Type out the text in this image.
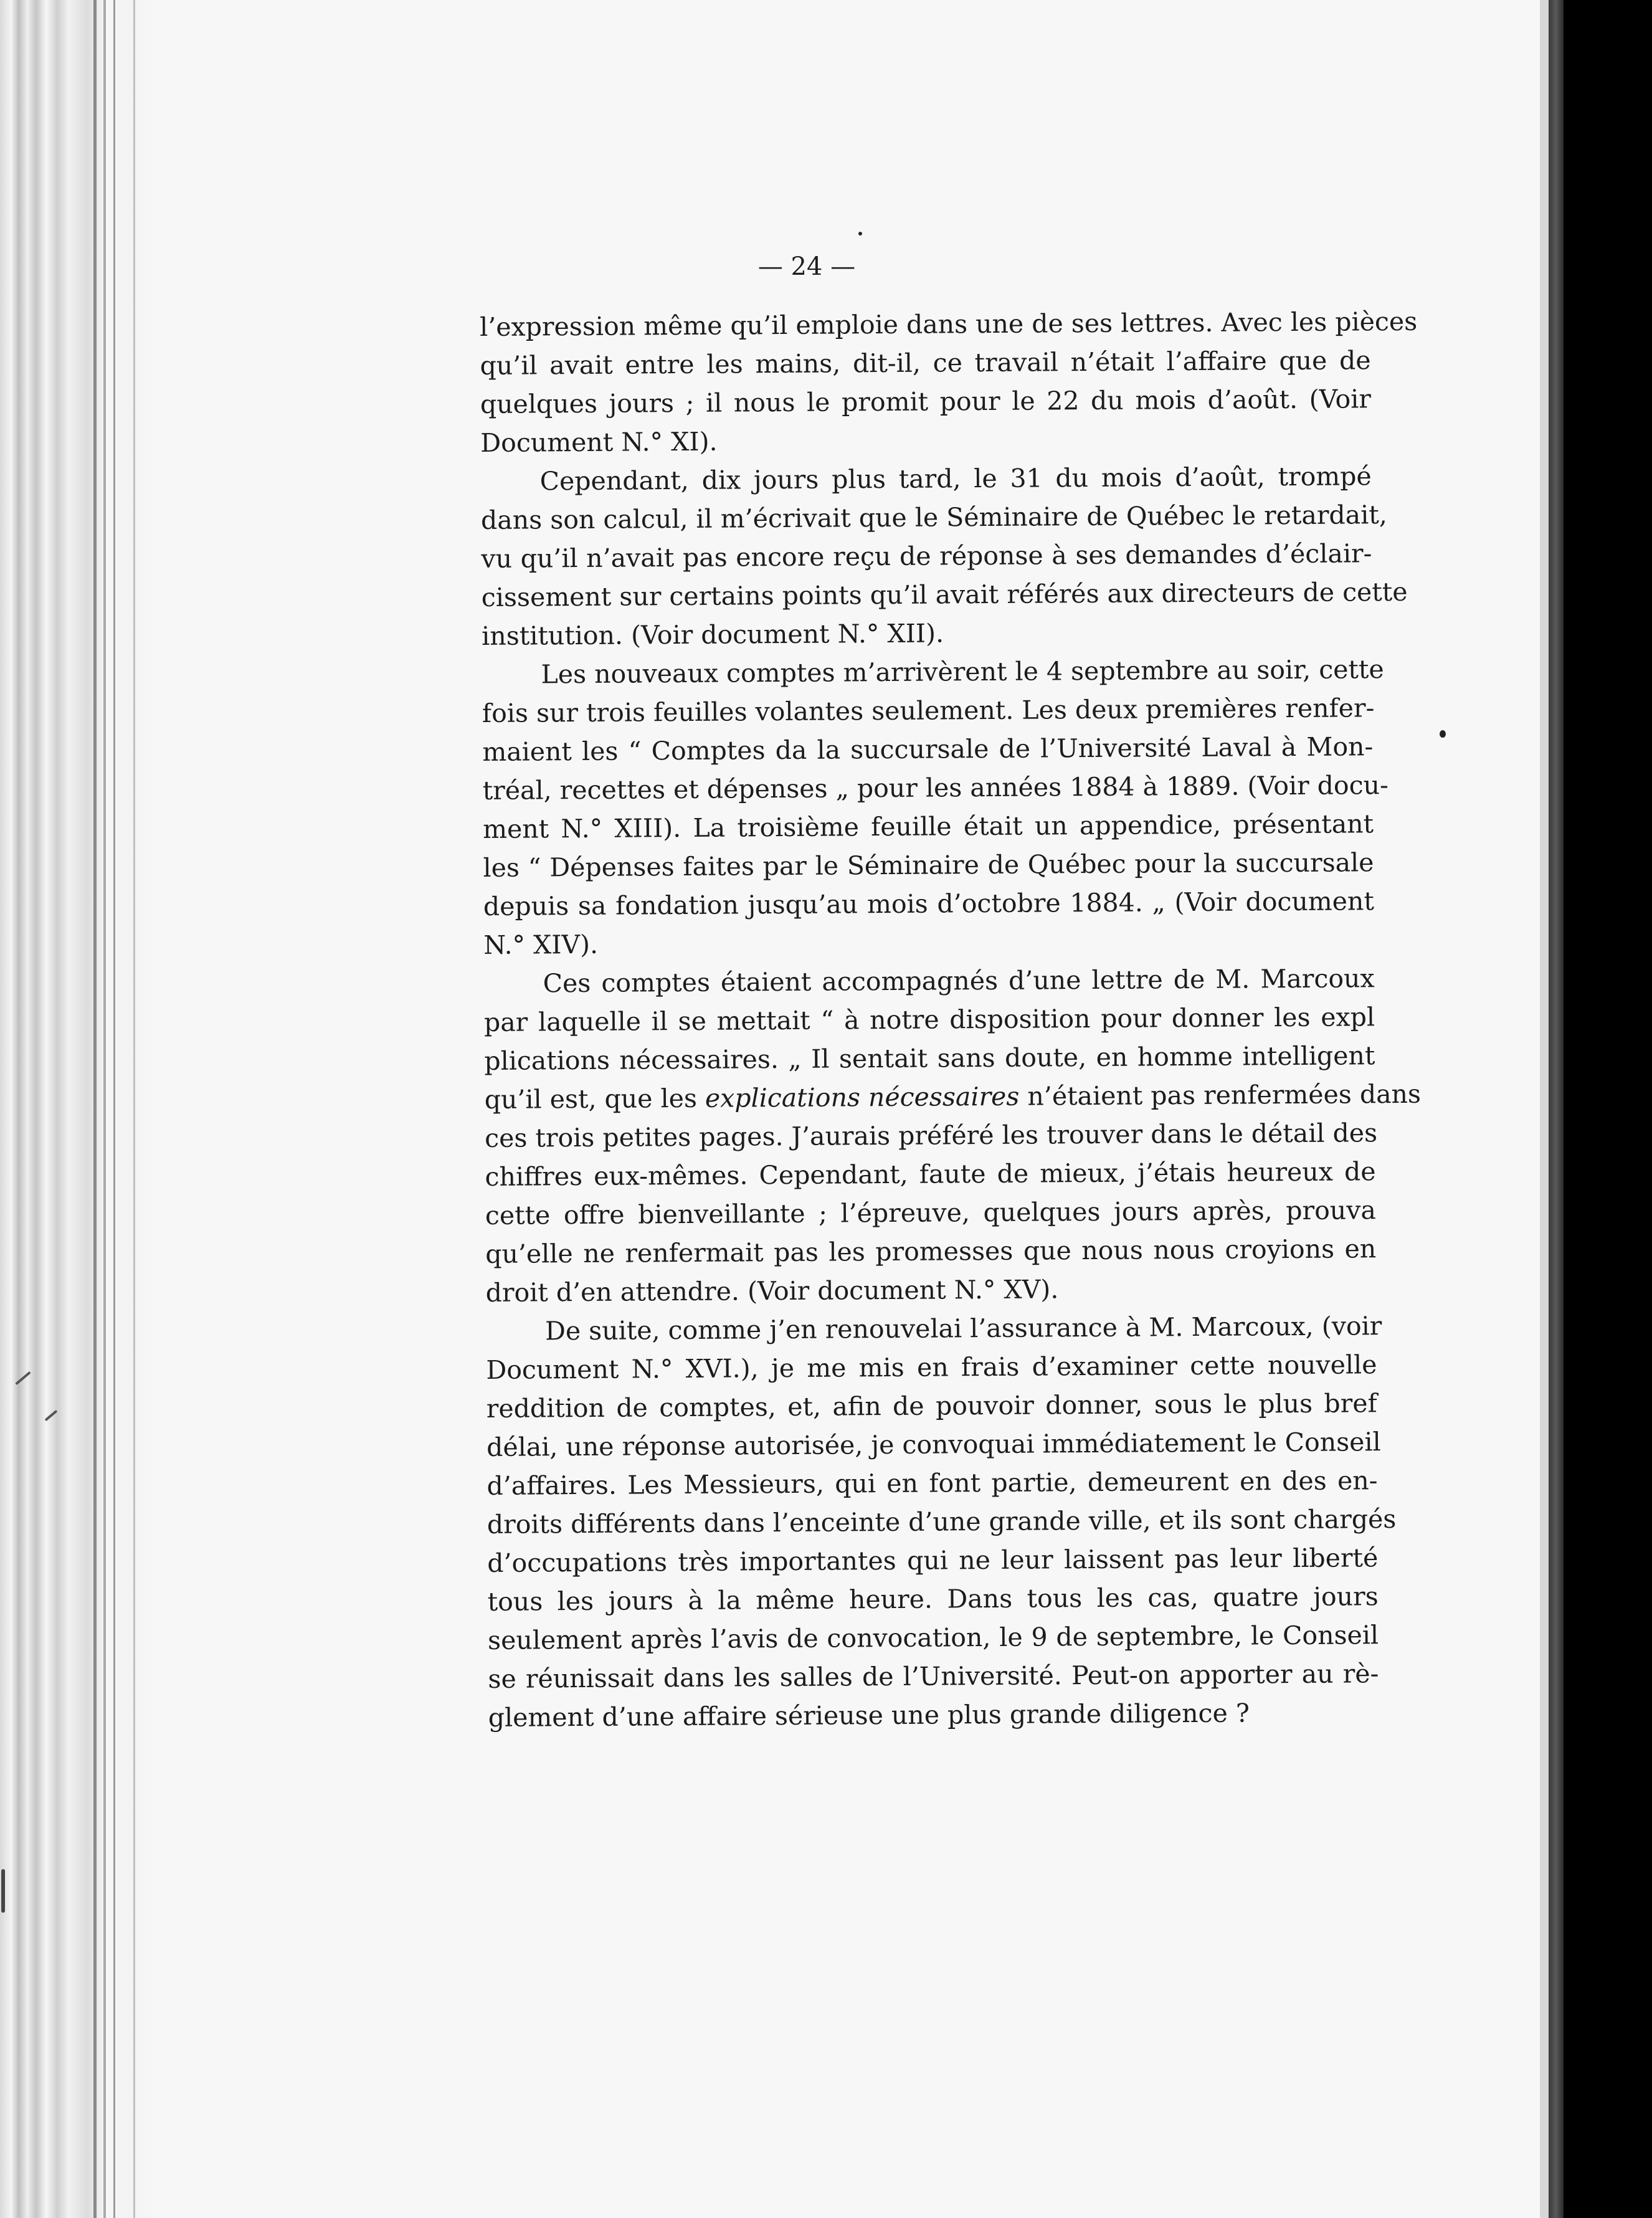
— 24 —

l’expression même qu’il emploie dans une de ses lettres. Avec les pièces
qu’il avait entre les mains, dit-il, ce travail n’était l’affaire que de
quelques jours ; il nous le promit pour le 22 du mois d’août. (Voir
Document N.° XI).

Cependant, dix jours plus tard, le 31 du mois d’août, trompé
dans son calcul, il m’écrivait que le Séminaire de Québec le retardait,
vu qu’il n’avait pas encore reçu de réponse à ses demandes d’éclair-
cissement sur certains points qu’il avait référés aux directeurs de cette
institution. (Voir document N.° XII).

Les nouveaux comptes m’arrivèrent le 4 septembre au soir, cette
fois sur trois feuilles volantes seulement. Les deux premières renfer-
maient les “ Comptes da la succursale de l’Université Laval à Mon-
tréal, recettes et dépenses „ pour les années 1884 à 1889. (Voir docu-
ment N.° XIII). La troisième feuille était un appendice, présentant
les “ Dépenses faites par le Séminaire de Québec pour la succursale
depuis sa fondation jusqu’au mois d’octobre 1884. „ (Voir document
N.° XIV).

Ces comptes étaient accompagnés d’une lettre de M. Marcoux
par laquelle il se mettait “ à notre disposition pour donner les expl
plications nécessaires. „ Il sentait sans doute, en homme intelligent
qu’il est, que les explications nécessaires n’étaient pas renfermées dans
ces trois petites pages. J’aurais préféré les trouver dans le détail des
chiffres eux-mêmes. Cependant, faute de mieux, j’étais heureux de
cette offre bienveillante ; l’épreuve, quelques jours après, prouva
qu’elle ne renfermait pas les promesses que nous nous croyions en
droit d’en attendre. (Voir document N.° XV).

De suite, comme j’en renouvelai l’assurance à M. Marcoux, (voir
Document N.° XVI.), je me mis en frais d’examiner cette nouvelle
reddition de comptes, et, afin de pouvoir donner, sous le plus bref
délai, une réponse autorisée, je convoquai immédiatement le Conseil
d’affaires. Les Messieurs, qui en font partie, demeurent en des en-
droits différents dans l’enceinte d’une grande ville, et ils sont chargés
d’occupations très importantes qui ne leur laissent pas leur liberté
tous les jours à la même heure. Dans tous les cas, quatre jours
seulement après l’avis de convocation, le 9 de septembre, le Conseil
se réunissait dans les salles de l’Université. Peut-on apporter au rè-
glement d’une affaire sérieuse une plus grande diligence ?
